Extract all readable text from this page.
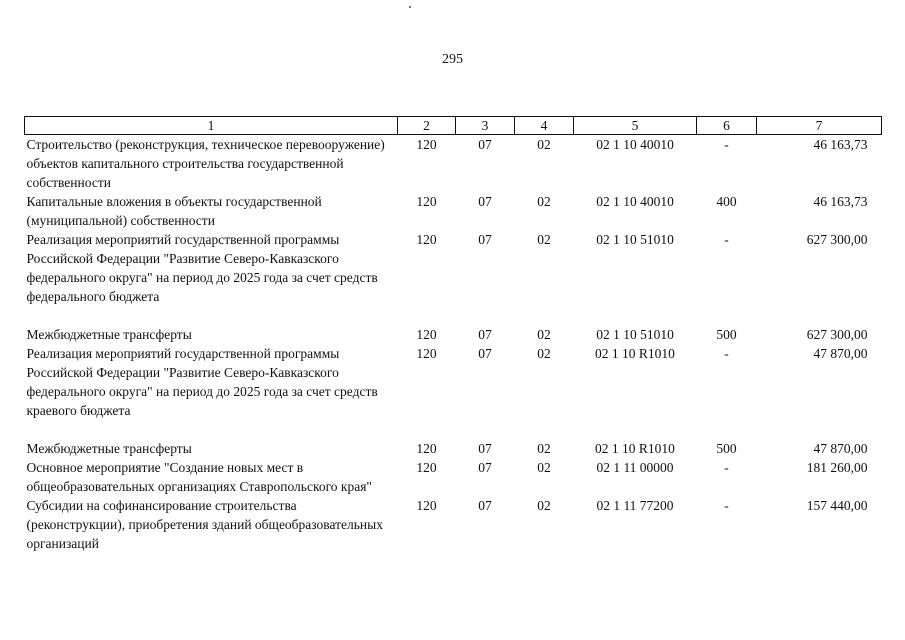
295
1	2	3	4	5	6	7
Строительство (реконструкция, техническое перевооружение) объектов капитального строительства государственной собственности	120	07	02	02 1 10 40010	-	46 163,73
Капитальные вложения в объекты государственной (муниципальной) собственности	120	07	02	02 1 10 40010	400	46 163,73
Реализация мероприятий государственной программы Российской Федерации "Развитие Северо-Кавказского федерального округа" на период до 2025 года за счет средств федерального бюджета	120	07	02	02 1 10 51010	-	627 300,00

Межбюджетные трансферты	120	07	02	02 1 10 51010	500	627 300,00
Реализация мероприятий государственной программы Российской Федерации "Развитие Северо-Кавказского федерального округа" на период до 2025 года за счет средств краевого бюджета	120	07	02	02 1 10 R1010	-	47 870,00

Межбюджетные трансферты	120	07	02	02 1 10 R1010	500	47 870,00
Основное мероприятие "Создание новых мест в общеобразовательных организациях Ставропольского края"	120	07	02	02 1 11 00000	-	181 260,00
Субсидии на софинансирование строительства (реконструкции), приобретения зданий общеобразовательных организаций	120	07	02	02 1 11 77200	-	157 440,00
